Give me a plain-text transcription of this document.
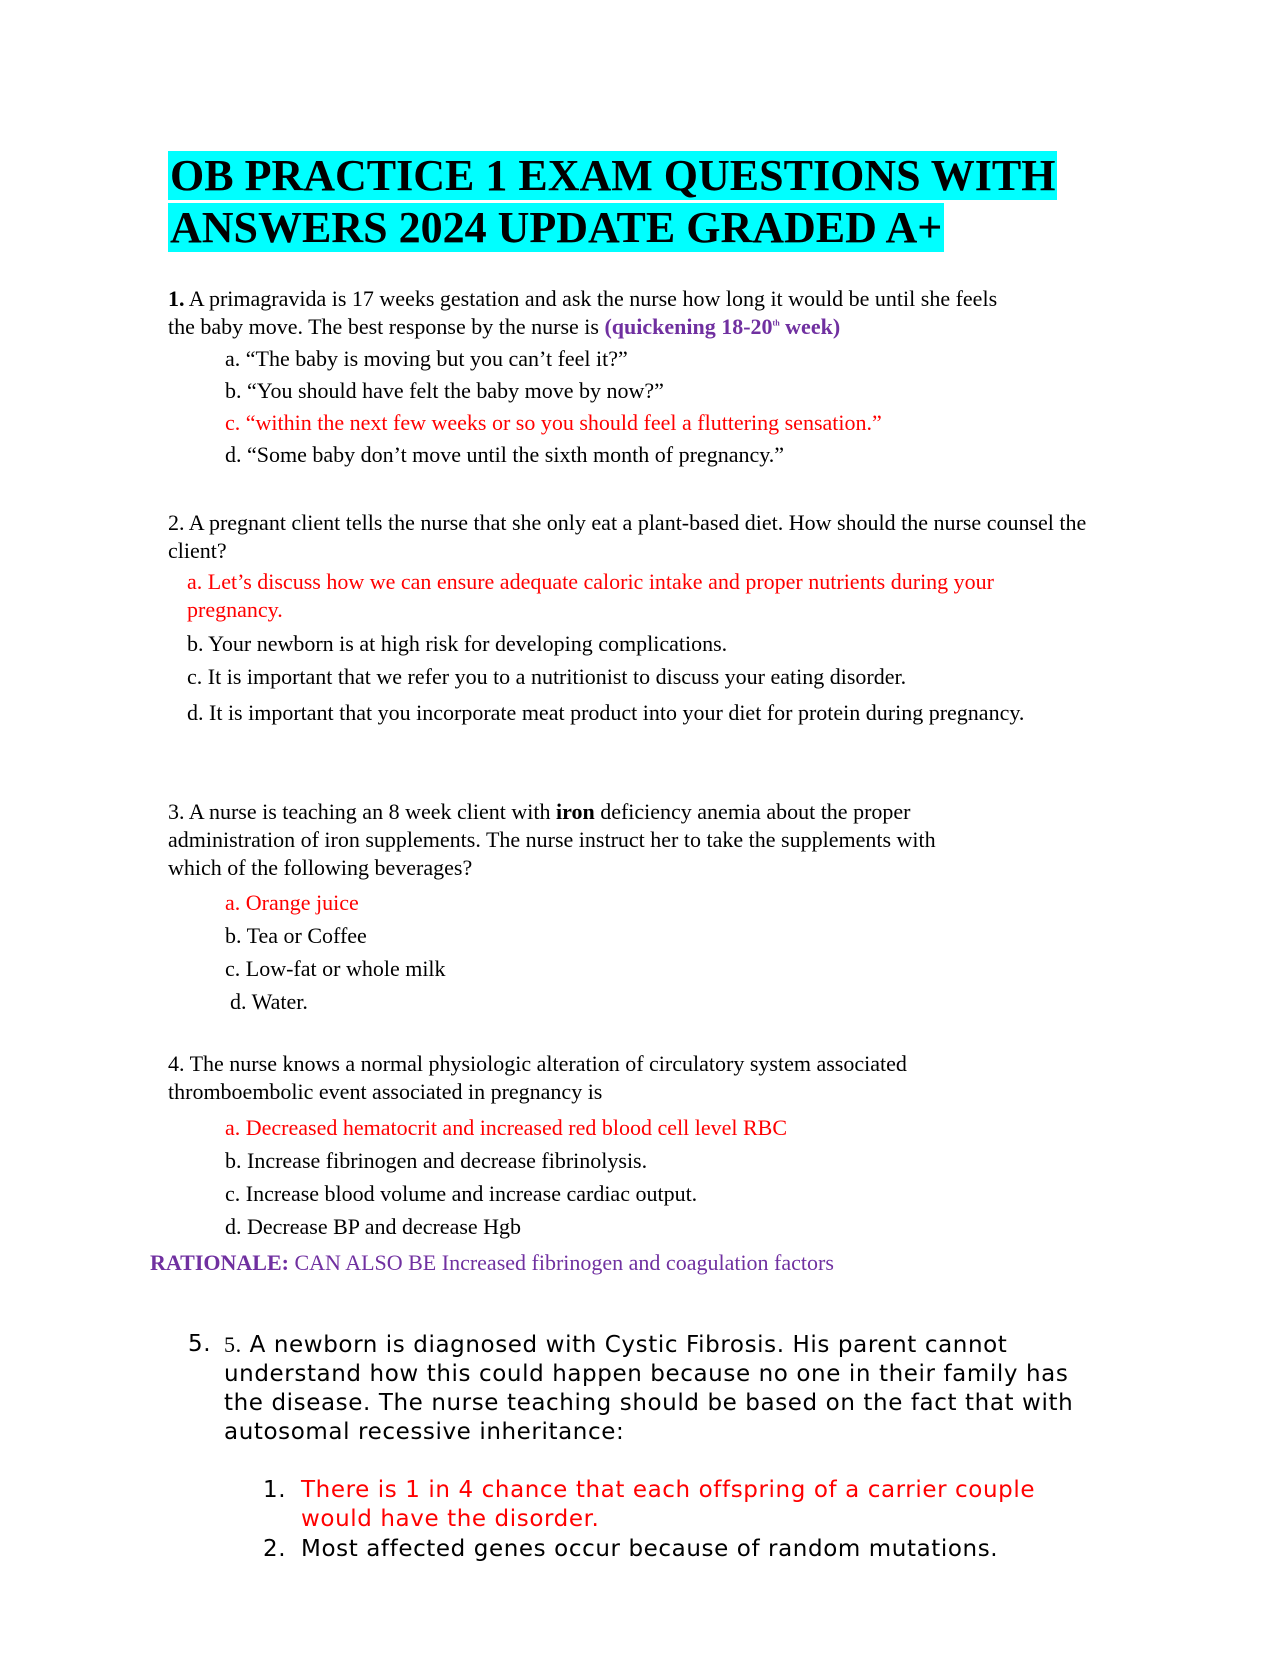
OB PRACTICE 1 EXAM QUESTIONS WITH
ANSWERS 2024 UPDATE GRADED A+

1. A primagravida is 17 weeks gestation and ask the nurse how long it would be until she feels the baby move. The best response by the nurse is (quickening 18-20th week)

a. “The baby is moving but you can’t feel it?”

b. “You should have felt the baby move by now?”

c. “within the next few weeks or so you should feel a fluttering sensation.”

d. “Some baby don’t move until the sixth month of pregnancy.”

2. A pregnant client tells the nurse that she only eat a plant-based diet. How should the nurse counsel the client?

a. Let’s discuss how we can ensure adequate caloric intake and proper nutrients during your pregnancy.

b. Your newborn is at high risk for developing complications.

c. It is important that we refer you to a nutritionist to discuss your eating disorder.

d. It is important that you incorporate meat product into your diet for protein during pregnancy.

3. A nurse is teaching an 8 week client with iron deficiency anemia about the proper administration of iron supplements. The nurse instruct her to take the supplements with which of the following beverages?

a. Orange juice

b. Tea or Coffee

c. Low-fat or whole milk

d. Water.

4. The nurse knows a normal physiologic alteration of circulatory system associated thromboembolic event associated in pregnancy is

a. Decreased hematocrit and increased red blood cell level RBC

b. Increase fibrinogen and decrease fibrinolysis.

c. Increase blood volume and increase cardiac output.

d. Decrease BP and decrease Hgb

RATIONALE: CAN ALSO BE Increased fibrinogen and coagulation factors

5. 5. A newborn is diagnosed with Cystic Fibrosis. His parent cannot understand how this could happen because no one in their family has the disease. The nurse teaching should be based on the fact that with autosomal recessive inheritance:
1. There is 1 in 4 chance that each offspring of a carrier couple would have the disorder.
2. Most affected genes occur because of random mutations.
